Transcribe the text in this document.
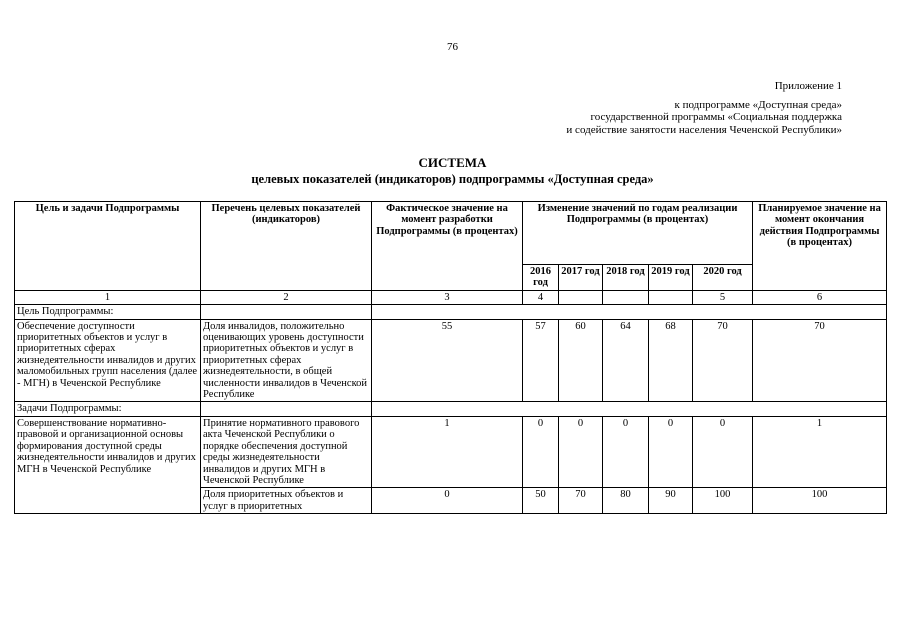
76
Приложение 1
к подпрограмме «Доступная среда»
государственной программы «Социальная поддержка
и содействие занятости населения Чеченской Республики»
СИСТЕМА
целевых показателей (индикаторов) подпрограммы «Доступная среда»
Цель и задачи Подпрограммы	Перечень целевых показателей (индикаторов)	Фактическое значение на момент разработки Подпрограммы (в процентах)	Изменение значений по годам реализации Подпрограммы (в процентах)					Планируемое значение на момент окончания действия Подпрограммы (в процентах)
			2016 год	2017 год	2018 год	2019 год	2020 год	
1	2	3	4				5	6
Цель Подпрограммы:								
Обеспечение доступности приоритетных объектов и услуг в приоритетных сферах жизнедеятельности инвалидов и других маломобильных групп населения (далее - МГН) в Чеченской Республике	Доля инвалидов, положительно оценивающих уровень доступности приоритетных объектов и услуг в приоритетных сферах жизнедеятельности, в общей численности инвалидов в Чеченской Республике	55	57	60	64	68	70	70
Задачи Подпрограммы:								
Совершенствование нормативно-правовой и организационной основы формирования доступной среды жизнедеятельности инвалидов и других МГН в Чеченской Республике	Принятие нормативного правового акта Чеченской Республики о порядке обеспечения доступной среды жизнедеятельности инвалидов и других МГН в Чеченской Республике	1	0	0	0	0	0	1
	Доля приоритетных объектов и услуг в приоритетных	0	50	70	80	90	100	100
